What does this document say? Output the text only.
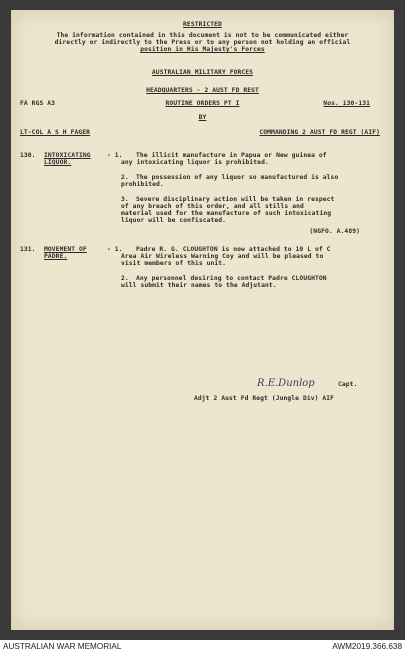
RESTRICTED
The information contained in this document is not to be communicated either
directly or indirectly to the Press or to any person not holding an official
position in His Majesty's Forces
AUSTRALIAN MILITARY FORCES
HEADQUARTERS - 2 AUST FD REGT
FA RGS A3	ROUTINE ORDERS PT I	Nos. 130-131
BY
LT-COL A S H FAGER	COMMANDING 2 AUST FD REGT (AIF)
130. INTOXICATING
LIQUOR.
- 1. The illicit manufacture in Papua or New guinea of
any intoxicating liquor is prohibited.
2. The possession of any liquor so manufactured is also
prohibited.
3. Severe disciplinary action will be taken in respect
of any breach of this order, and all stills and
material used for the manufacture of such intoxicating
liquor will be confiscated.
(NGFO. A.489)
131. MOVEMENT OF
PADRE.
- 1. Padre R. G. CLOUGHTON is now attached to 10 L of C
Area Air Wireless Warning Coy and will be pleased to
visit members of this unit.
2. Any personnel desiring to contact Padre CLOUGHTON
will submit their names to the Adjutant.
R.E.Dunlop	Capt.
Adjt 2 Aust Fd Regt (Jungle Div) AIF
AUSTRALIAN WAR MEMORIAL	AWM2019.366.638
